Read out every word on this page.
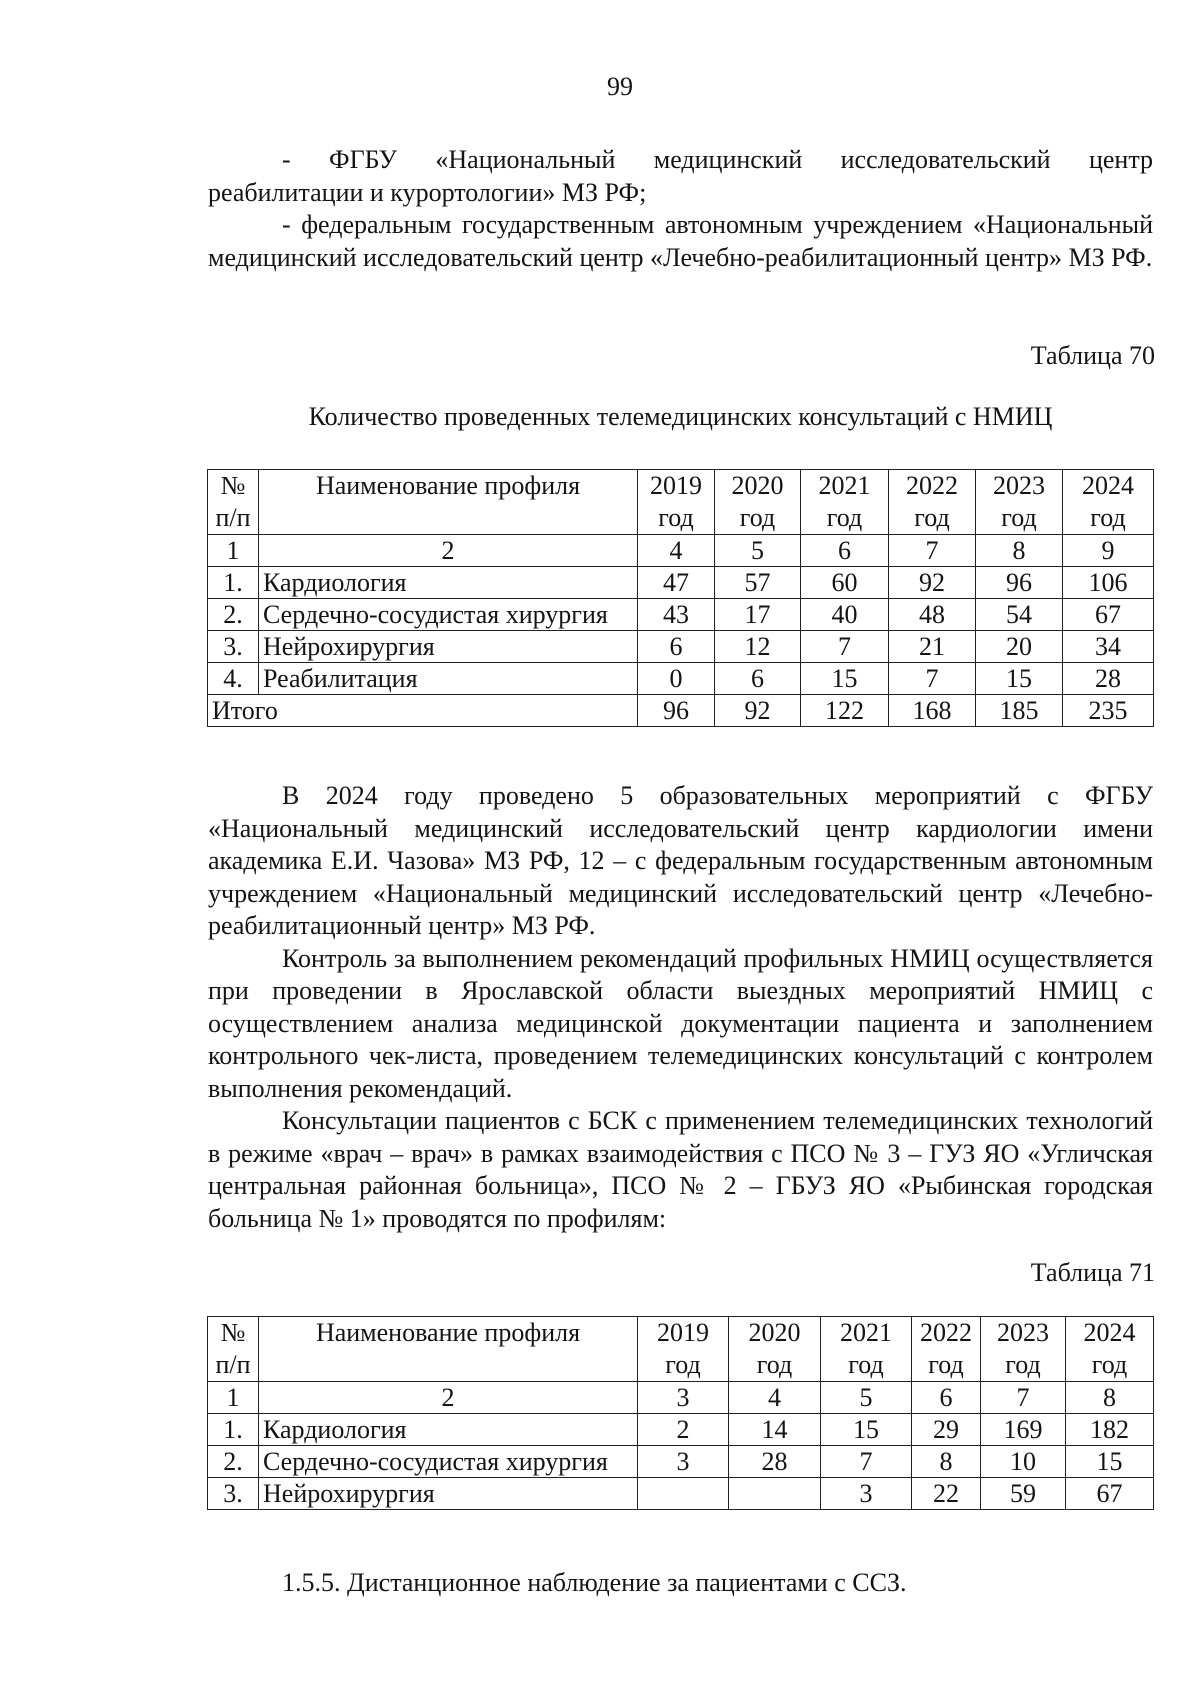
99

- ФГБУ «Национальный медицинский исследовательский центр реабилитации и курортологии» МЗ РФ;

- федеральным государственным автономным учреждением «Национальный медицинский исследовательский центр «Лечебно-реабилитационный центр» МЗ РФ.

Таблица 70
Количество проведенных телемедицинских консультаций с НМИЦ
№ п/п	Наименование профиля	2019 год	2020 год	2021 год	2022 год	2023 год	2024 год
1	2	4	5	6	7	8	9
1.	Кардиология	47	57	60	92	96	106
2.	Сердечно-сосудистая хирургия	43	17	40	48	54	67
3.	Нейрохирургия	6	12	7	21	20	34
4.	Реабилитация	0	6	15	7	15	28
Итого		96	92	122	168	185	235

В 2024 году проведено 5 образовательных мероприятий с ФГБУ «Национальный медицинский исследовательский центр кардиологии имени академика Е.И. Чазова» МЗ РФ, 12 – с федеральным государственным автономным учреждением «Национальный медицинский исследовательский центр «Лечебно-реабилитационный центр» МЗ РФ.

Контроль за выполнением рекомендаций профильных НМИЦ осуществляется при проведении в Ярославской области выездных мероприятий НМИЦ с осуществлением анализа медицинской документации пациента и заполнением контрольного чек-листа, проведением телемедицинских консультаций с контролем выполнения рекомендаций.

Консультации пациентов с БСК с применением телемедицинских технологий в режиме «врач – врач» в рамках взаимодействия с ПСО № 3 – ГУЗ ЯО «Угличская центральная районная больница», ПСО № 2 – ГБУЗ ЯО «Рыбинская городская больница № 1» проводятся по профилям:

Таблица 71
№ п/п	Наименование профиля	2019 год	2020 год	2021 год	2022 год	2023 год	2024 год
1	2	3	4	5	6	7	8
1.	Кардиология	2	14	15	29	169	182
2.	Сердечно-сосудистая хирургия	3	28	7	8	10	15
3.	Нейрохирургия			3	22	59	67
1.5.5. Дистанционное наблюдение за пациентами с ССЗ.
